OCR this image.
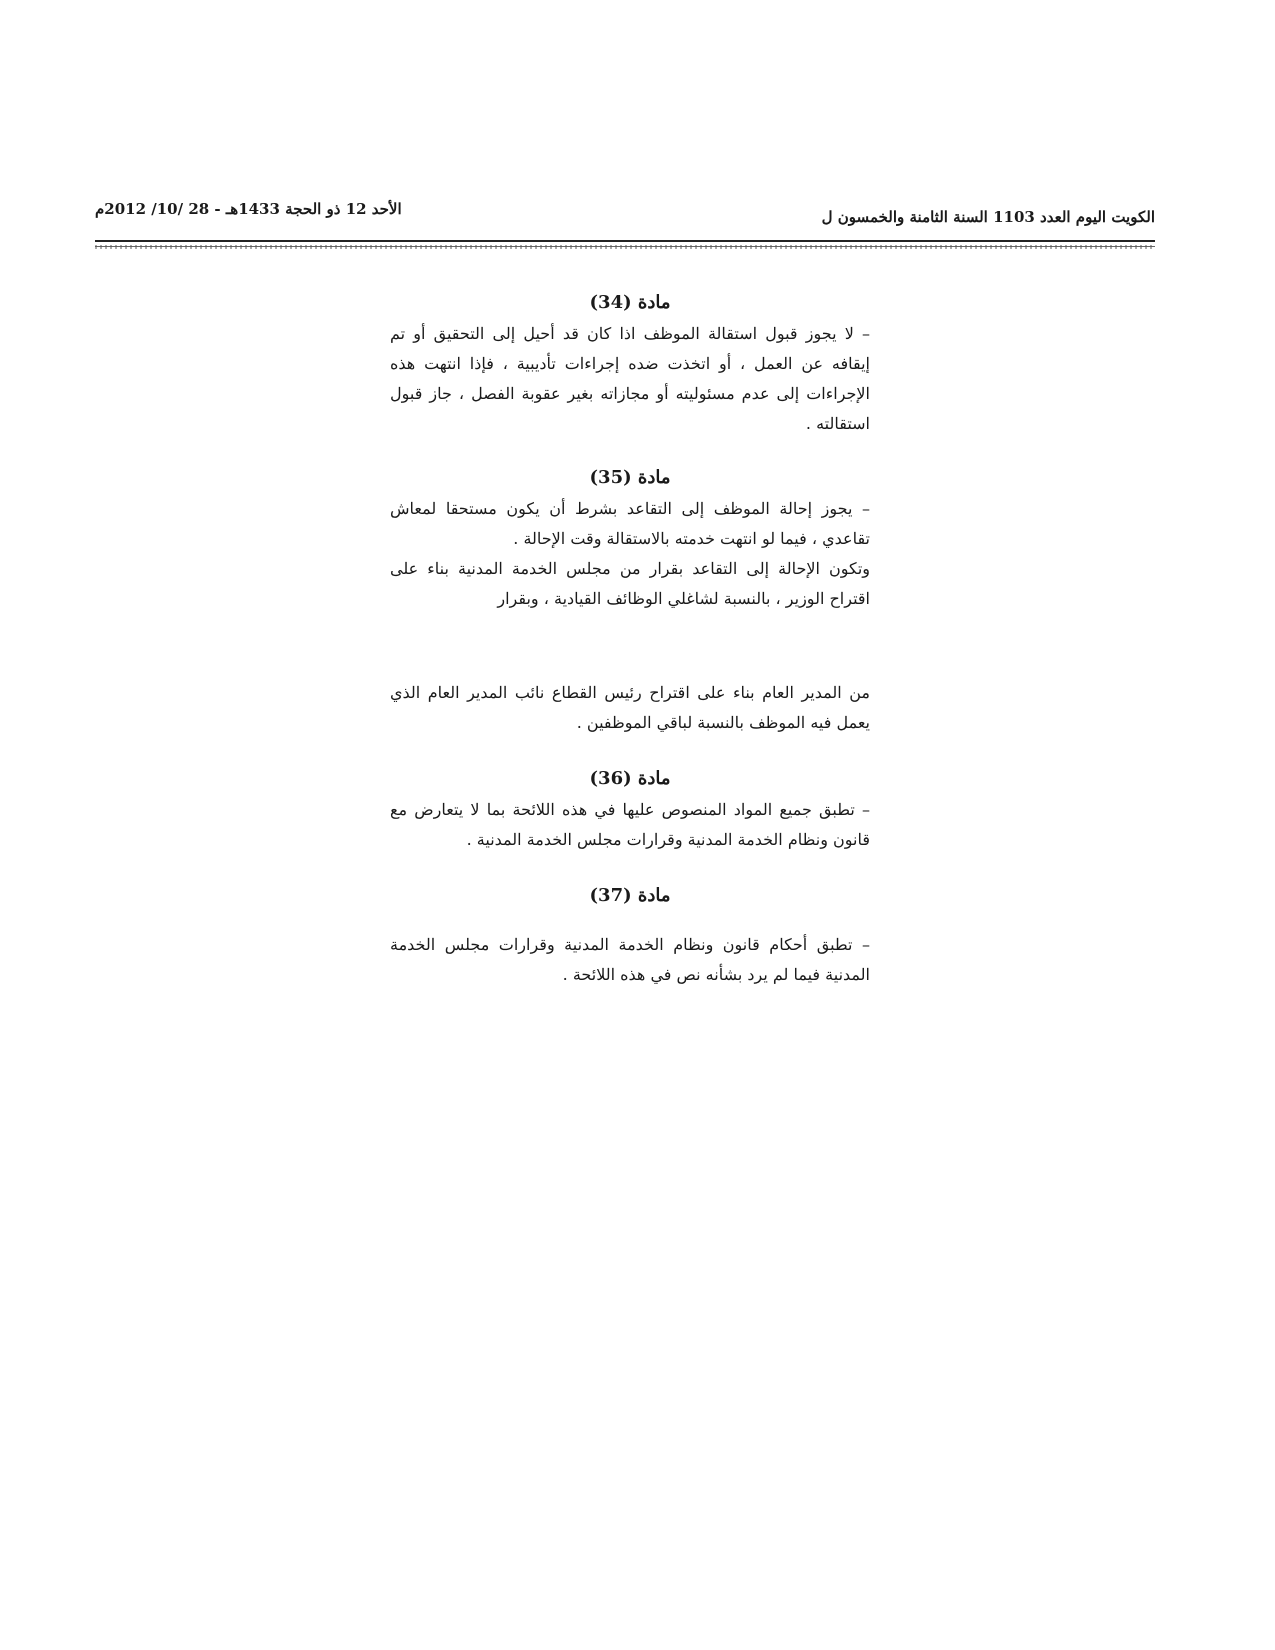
الكويت اليوم العدد 1103 السنة الثامنة والخمسون ل
الأحد 12 ذو الحجة 1433هـ - 28 /10/ 2012م

مادة (34)

– لا يجوز قبول استقالة الموظف اذا كان قد أحيل إلى التحقيق أو تم إيقافه عن العمل ، أو اتخذت ضده إجراءات تأديبية ، فإذا انتهت هذه الإجراءات إلى عدم مسئوليته أو مجازاته بغير عقوبة الفصل ، جاز قبول استقالته .

مادة (35)

– يجوز إحالة الموظف إلى التقاعد بشرط أن يكون مستحقا لمعاش تقاعدي ، فيما لو انتهت خدمته بالاستقالة وقت الإحالة .

وتكون الإحالة إلى التقاعد بقرار من مجلس الخدمة المدنية بناء على اقتراح الوزير ، بالنسبة لشاغلي الوظائف القيادية ، وبقرار

من المدير العام بناء على اقتراح رئيس القطاع نائب المدير العام الذي يعمل فيه الموظف بالنسبة لباقي الموظفين .

مادة (36)

– تطبق جميع المواد المنصوص عليها في هذه اللائحة بما لا يتعارض مع قانون ونظام الخدمة المدنية وقرارات مجلس الخدمة المدنية .

مادة (37)

– تطبق أحكام قانون ونظام الخدمة المدنية وقرارات مجلس الخدمة المدنية فيما لم يرد بشأنه نص في هذه اللائحة .
